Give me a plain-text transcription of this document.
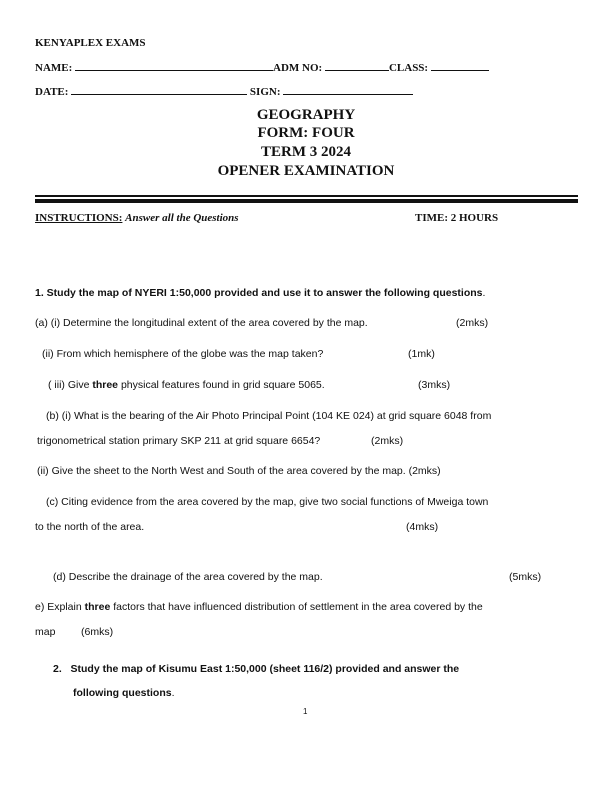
KENYAPLEX EXAMS
NAME:	ADM NO:	CLASS:
DATE:	SIGN:
GEOGRAPHY
FORM: FOUR
TERM 3 2024
OPENER EXAMINATION
INSTRUCTIONS: Answer all the Questions	TIME: 2 HOURS
1. Study the map of NYERI 1:50,000 provided and use it to answer the following questions.
(a) (i) Determine the longitudinal extent of the area covered by the map.	(2mks)
(ii) From which hemisphere of the globe was the map taken?	(1mk)
( iii) Give three physical features found in grid square 5065.	(3mks)
(b) (i) What is the bearing of the Air Photo Principal Point (104 KE 024) at grid square 6048 from
trigonometrical station primary SKP 211 at grid square 6654?	(2mks)
(ii) Give the sheet to the North West and South of the area covered by the map. (2mks)
(c) Citing evidence from the area covered by the map, give two social functions of Mweiga town
to the north of the area.	(4mks)
(d) Describe the drainage of the area covered by the map.	(5mks)
e) Explain three factors that have influenced distribution of settlement in the area covered by the
map (6mks)
2.   Study the map of Kisumu East 1:50,000 (sheet 116/2) provided and answer the
following questions.
1
